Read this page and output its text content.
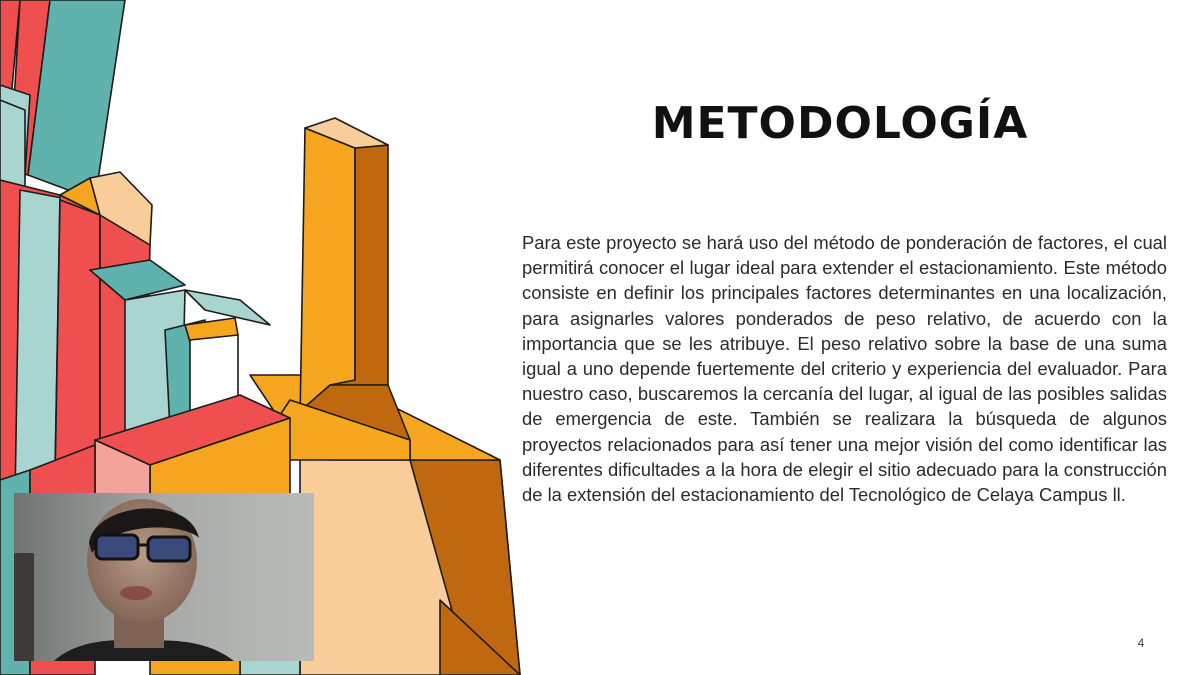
METODOLOGÍA

Para este proyecto se hará uso del método de ponderación de factores, el cual permitirá conocer el lugar ideal para extender el estacionamiento. Este método consiste en definir los principales factores determinantes en una localización, para asignarles valores ponderados de peso relativo, de acuerdo con la importancia que se les atribuye. El peso relativo sobre la base de una suma igual a uno depende fuertemente del criterio y experiencia del evaluador. Para nuestro caso, buscaremos la cercanía del lugar, al igual de las posibles salidas de emergencia de este. También se realizara la búsqueda de algunos proyectos relacionados para así tener una mejor visión del como identificar las diferentes dificultades a la hora de elegir el sitio adecuado para la construcción de la extensión del estacionamiento del Tecnológico de Celaya Campus ll.

4
